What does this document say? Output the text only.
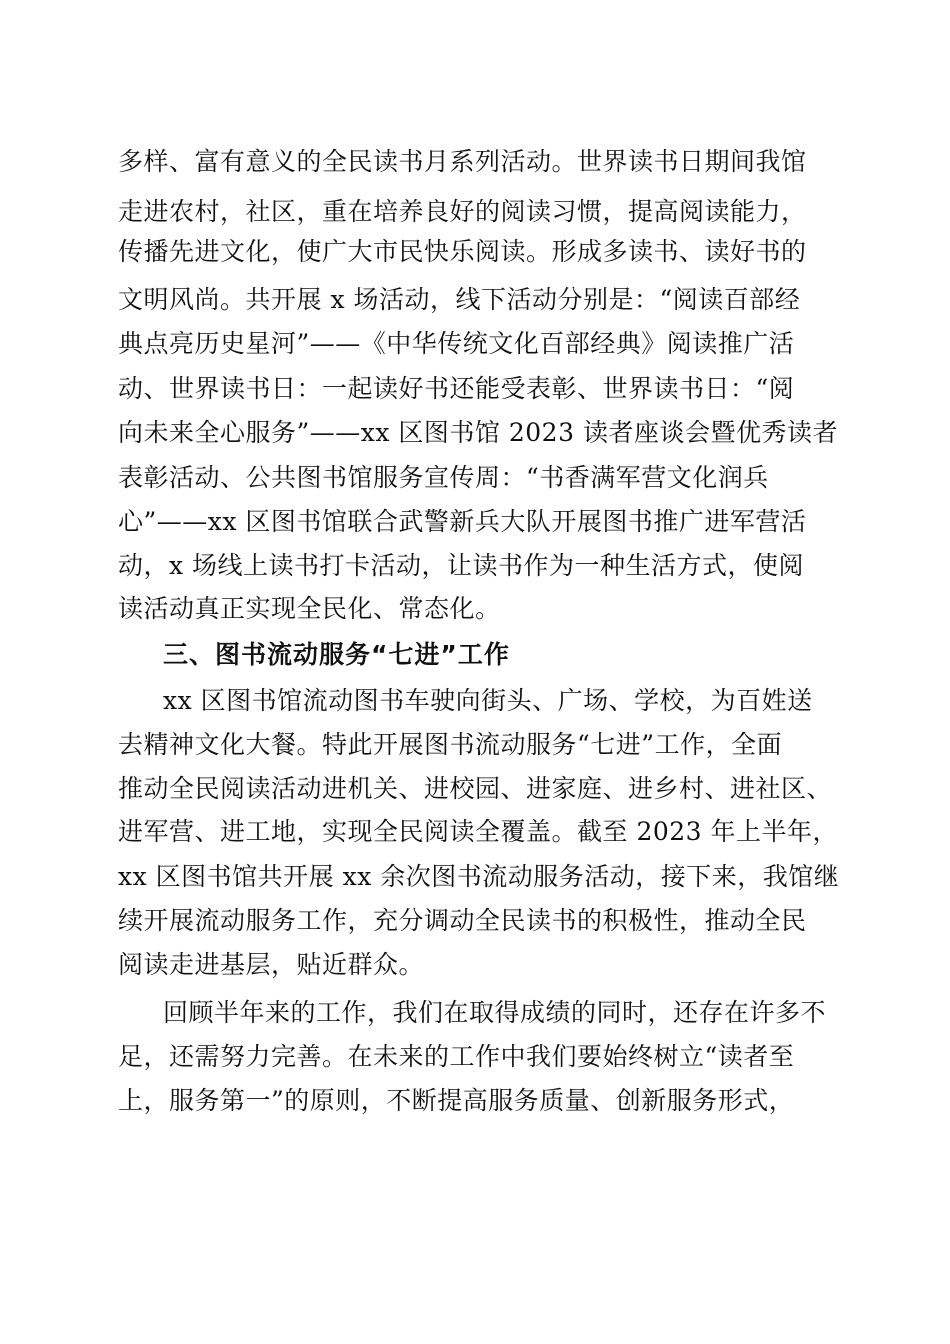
多样、富有意义的全民读书月系列活动。世界读书日期间我馆
走进农村，社区，重在培养良好的阅读习惯，提高阅读能力，
传播先进文化，使广大市民快乐阅读。形成多读书、读好书的
文明风尚。共开展 x 场活动，线下活动分别是：“阅读百部经
典点亮历史星河”——《中华传统文化百部经典》阅读推广活
动、世界读书日：一起读好书还能受表彰、世界读书日：“阅
向未来全心服务”——xx 区图书馆 2023 读者座谈会暨优秀读者
表彰活动、公共图书馆服务宣传周：“书香满军营文化润兵
心”——xx 区图书馆联合武警新兵大队开展图书推广进军营活
动，x 场线上读书打卡活动，让读书作为一种生活方式，使阅
读活动真正实现全民化、常态化。
三、图书流动服务“七进”工作
xx 区图书馆流动图书车驶向街头、广场、学校，为百姓送
去精神文化大餐。特此开展图书流动服务“七进”工作，全面
推动全民阅读活动进机关、进校园、进家庭、进乡村、进社区、
进军营、进工地，实现全民阅读全覆盖。截至 2023 年上半年，
xx 区图书馆共开展 xx 余次图书流动服务活动，接下来，我馆继
续开展流动服务工作，充分调动全民读书的积极性，推动全民
阅读走进基层，贴近群众。
回顾半年来的工作，我们在取得成绩的同时，还存在许多不
足，还需努力完善。在未来的工作中我们要始终树立“读者至
上，服务第一”的原则，不断提高服务质量、创新服务形式，
